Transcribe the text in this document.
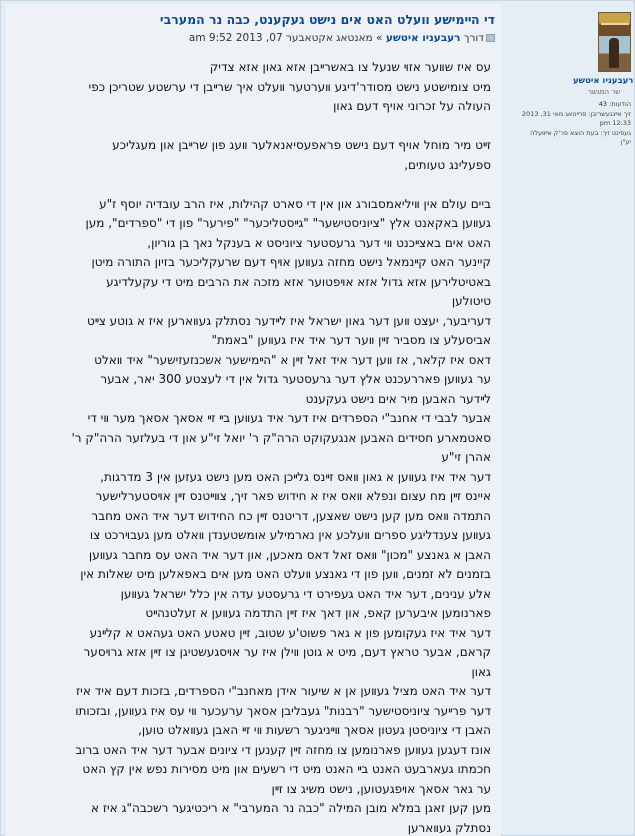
די הײמישע װעלט האט אים נישט געקענט, כבה נר המערבי
דורך רעבעניו איטשע » מאנטאג אקטאבער 07, 2013 9:52 am

עס איז שװער אזױ שנעל צו באשרײבן אזא גאון אזא צדיק

מיט צומישטע נישט מסודר'דיגע װערטער װעלט איך שרײבן די ערשטע שטריכן כפי

העולה על זכרוני אויף דעם גאון

זײט מיר מוחל אויף דעם נישט פראפעסיאנאלער װעג פון שרײבן און מעגליכע

ספעלינג טעותים,

ביים עולם אין װיליאמסבורג און אין די סארט קהילות, איז הרב עובדיה יוסף ז"ע

געװען באקאנט אלץ "ציוניסטישער" "גײסטליכער" "פירער" פון די "ספרדים", מען

האט אים באצײכנט װי דער גרעסטער ציוניסט א בענקל נאך בן גוריון,

קיינער האט קײנמאל נישט מחזה געװען אױף דעם שרעקליכער בזיון התורה מיטן

באטיטלירען אזא גדול אזא אױפטוער אזא מזכה את הרבים מיט די עקעלדיגע

טיטולען

דעריבער, יעצט װען דער גאון ישראל איז לײדער נסתלק געװארען איז א גוטע צײט

אביסעלע צו מסביר זײן װער דער איד איז געװען "באמת"

דאס איז קלאר, אז װען דער איד זאל זײן א "הײמישער אשכנזעזישער" איד װאלט

ער געװען פאררעכנט אלץ דער גרעסטער גדול אין די לעצטע 300 יאר, אבער

לײדער האבען מיר אים נישט געקענט

אבער לבבי די אחנב"י הספרדים איז דער איד געװען בײ זײ אסאך אסאך מער װי די

סאטמארע חסידים האבען אנגעקוקט הרה"ק ר' יואל זי"ע און די בעלזער הרה"ק ר'

אהרן זי"ע

דער איד איז געװען א גאון װאס זײנס גלײכן האט מען נישט געזען אין 3 מדרגות,

איינס זײן מח עצום ונפלא װאס איז א חידוש פאר זיך, צװײטנס זײן אױסטערלישער

התמדה װאס מען קען נישט שאצען, דריטנס זײן כח החידוש דער איד האט מחבר

געװען צענדליגע ספרים װעלכע אין נארמילע אומשטענדן װאלט מען געבױרכט צו

האבן א גאנצע "מכון" װאס זאל דאס מאכען, און דער איד האט עס מחבר געװען

בזמנים לא זמנים, װען פון די גאנצע װעלט האט מען אים באפאלען מיט שאלות אין

אלע ענינים, דער איד האט געפירט די גרעסטע עדה אין כלל ישראל געװען

פארנומען איבערען קאפ, און דאך איז זײן התדמה געװען א זעלטנהײט

דער איד איז געקומען פון א גאר פשוט'ע שטוב, זײן טאטע האט געהאט א קלײנע

קראם, אבער טראץ דעם, מיט א גוטן װילן איז ער אױסגעשטיגן צו זײן אזא גרױסער

גאון

דער איד האט מציל געװען אן א שיעור אידן מאחנב"י הספרדים, בזכות דעם איד איז

דער פרײער ציוניסטישער "רבנות" געבליבן אסאך ערעכער װי עס איז געװען, ובזכותו

האבן די ציוניסטן געטון אסאך װײניגער רשעות װי זײ האבן געװאלט טוען,

אונז דעגען געװען פארנומען צו מחזה זײן קענען די ציונים אבער דער איד האט ברוב

חכמתו געארבעט האנט בײ האנט מיט די רשעים און מיט מסירות נפש אין קץ האט

ער גאר אסאך אױפגעטוען, נישט משיג צו זײן

מען קען זאגן במלא מובן המילה "כבה נר המערבי" א ריכטיגער רשכבה"ג איז א

נסתלק געװארען

רעבעניו איטשע
שר המגשר
הודעות: 43
זיך אײנגעשריבן: פרײטאג מאי 31, 2013 12:33 pm
געפינט זיך: בעת הוצא פר'ק אײװעלה יע"ן
